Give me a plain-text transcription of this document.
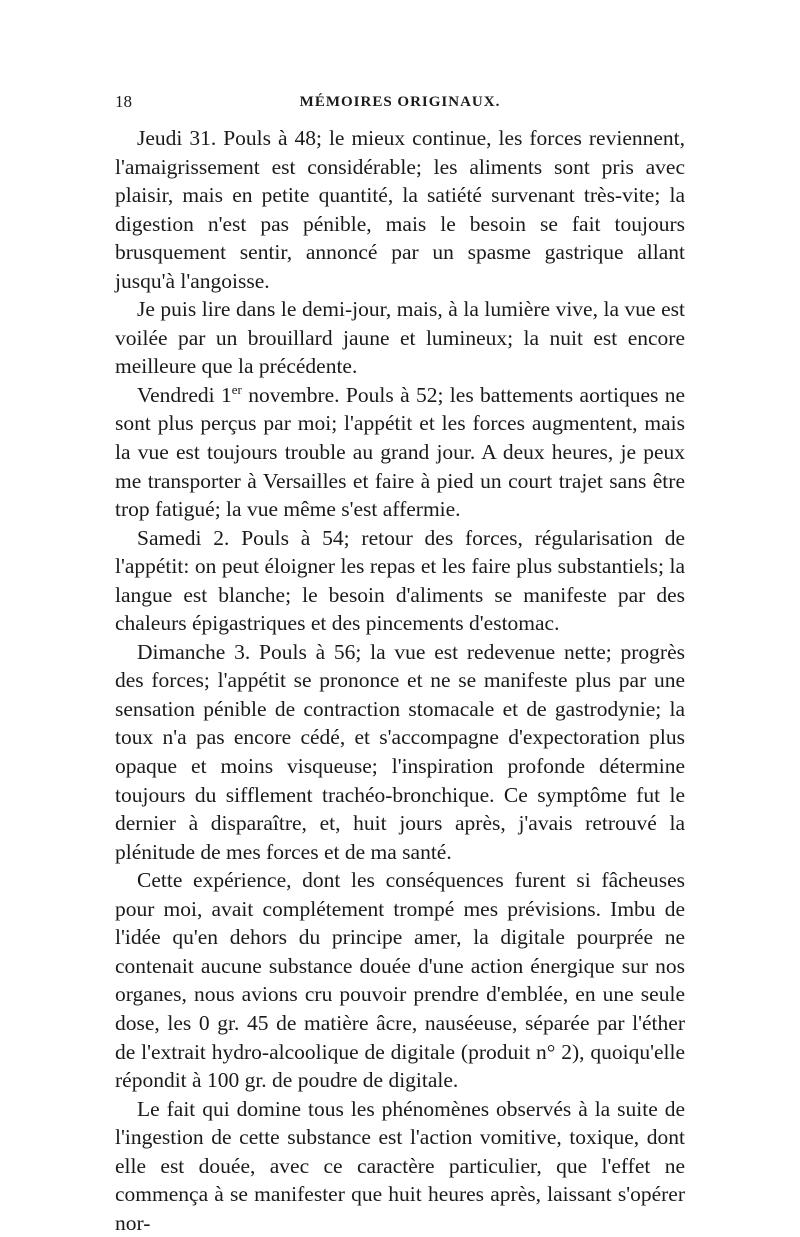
18	MÉMOIRES ORIGINAUX.

Jeudi 31. Pouls à 48; le mieux continue, les forces reviennent, l'amaigrissement est considérable; les aliments sont pris avec plaisir, mais en petite quantité, la satiété survenant très-vite; la digestion n'est pas pénible, mais le besoin se fait toujours brusquement sentir, annoncé par un spasme gastrique allant jusqu'à l'angoisse.

Je puis lire dans le demi-jour, mais, à la lumière vive, la vue est voilée par un brouillard jaune et lumineux; la nuit est encore meilleure que la précédente.

Vendredi 1er novembre. Pouls à 52; les battements aortiques ne sont plus perçus par moi; l'appétit et les forces augmentent, mais la vue est toujours trouble au grand jour. A deux heures, je peux me transporter à Versailles et faire à pied un court trajet sans être trop fatigué; la vue même s'est affermie.

Samedi 2. Pouls à 54; retour des forces, régularisation de l'appétit: on peut éloigner les repas et les faire plus substantiels; la langue est blanche; le besoin d'aliments se manifeste par des chaleurs épigastriques et des pincements d'estomac.

Dimanche 3. Pouls à 56; la vue est redevenue nette; progrès des forces; l'appétit se prononce et ne se manifeste plus par une sensation pénible de contraction stomacale et de gastrodynie; la toux n'a pas encore cédé, et s'accompagne d'expectoration plus opaque et moins visqueuse; l'inspiration profonde détermine toujours du sifflement trachéo-bronchique. Ce symptôme fut le dernier à disparaître, et, huit jours après, j'avais retrouvé la plénitude de mes forces et de ma santé.

Cette expérience, dont les conséquences furent si fâcheuses pour moi, avait complétement trompé mes prévisions. Imbu de l'idée qu'en dehors du principe amer, la digitale pourprée ne contenait aucune substance douée d'une action énergique sur nos organes, nous avions cru pouvoir prendre d'emblée, en une seule dose, les 0 gr. 45 de matière âcre, nauséeuse, séparée par l'éther de l'extrait hydro-alcoolique de digitale (produit n° 2), quoiqu'elle répondit à 100 gr. de poudre de digitale.

Le fait qui domine tous les phénomènes observés à la suite de l'ingestion de cette substance est l'action vomitive, toxique, dont elle est douée, avec ce caractère particulier, que l'effet ne commença à se manifester que huit heures après, laissant s'opérer nor-
